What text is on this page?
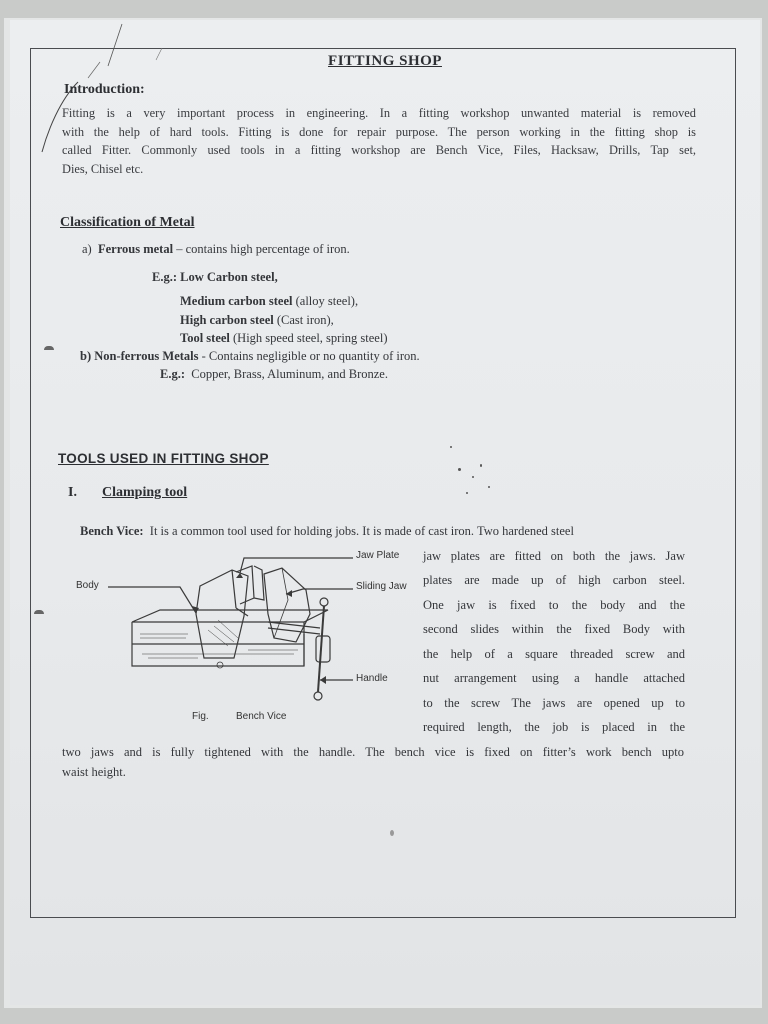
FITTING SHOP
Introduction:
Fitting is a very important process in engineering. In a fitting workshop unwanted material is removed
with the help of hard tools. Fitting is done for repair purpose. The person working in the fitting shop is
called Fitter. Commonly used tools in a fitting workshop are Bench Vice, Files, Hacksaw, Drills, Tap set,
Dies, Chisel etc.
Classification of Metal
a) Ferrous metal – contains high percentage of iron.
E.g.: Low Carbon steel,
Medium carbon steel (alloy steel),
High carbon steel (Cast iron),
Tool steel (High speed steel, spring steel)
b) Non-ferrous Metals - Contains negligible or no quantity of iron.
E.g.: Copper, Brass, Aluminum, and Bronze.
TOOLS USED IN FITTING SHOP
I. Clamping tool
Bench Vice: It is a common tool used for holding jobs. It is made of cast iron. Two hardened steel
jaw plates are fitted on both the jaws. Jaw
plates are made up of high carbon steel.
One jaw is fixed to the body and the
second slides within the fixed Body with
the help of a square threaded screw and
nut arrangement using a handle attached
to the screw The jaws are opened up to
required length, the job is placed in the
two jaws and is fully tightened with the handle. The bench vice is fixed on fitter’s work bench upto
waist height.
Jaw Plate
Sliding Jaw
Body
Handle
Fig.	Bench Vice
